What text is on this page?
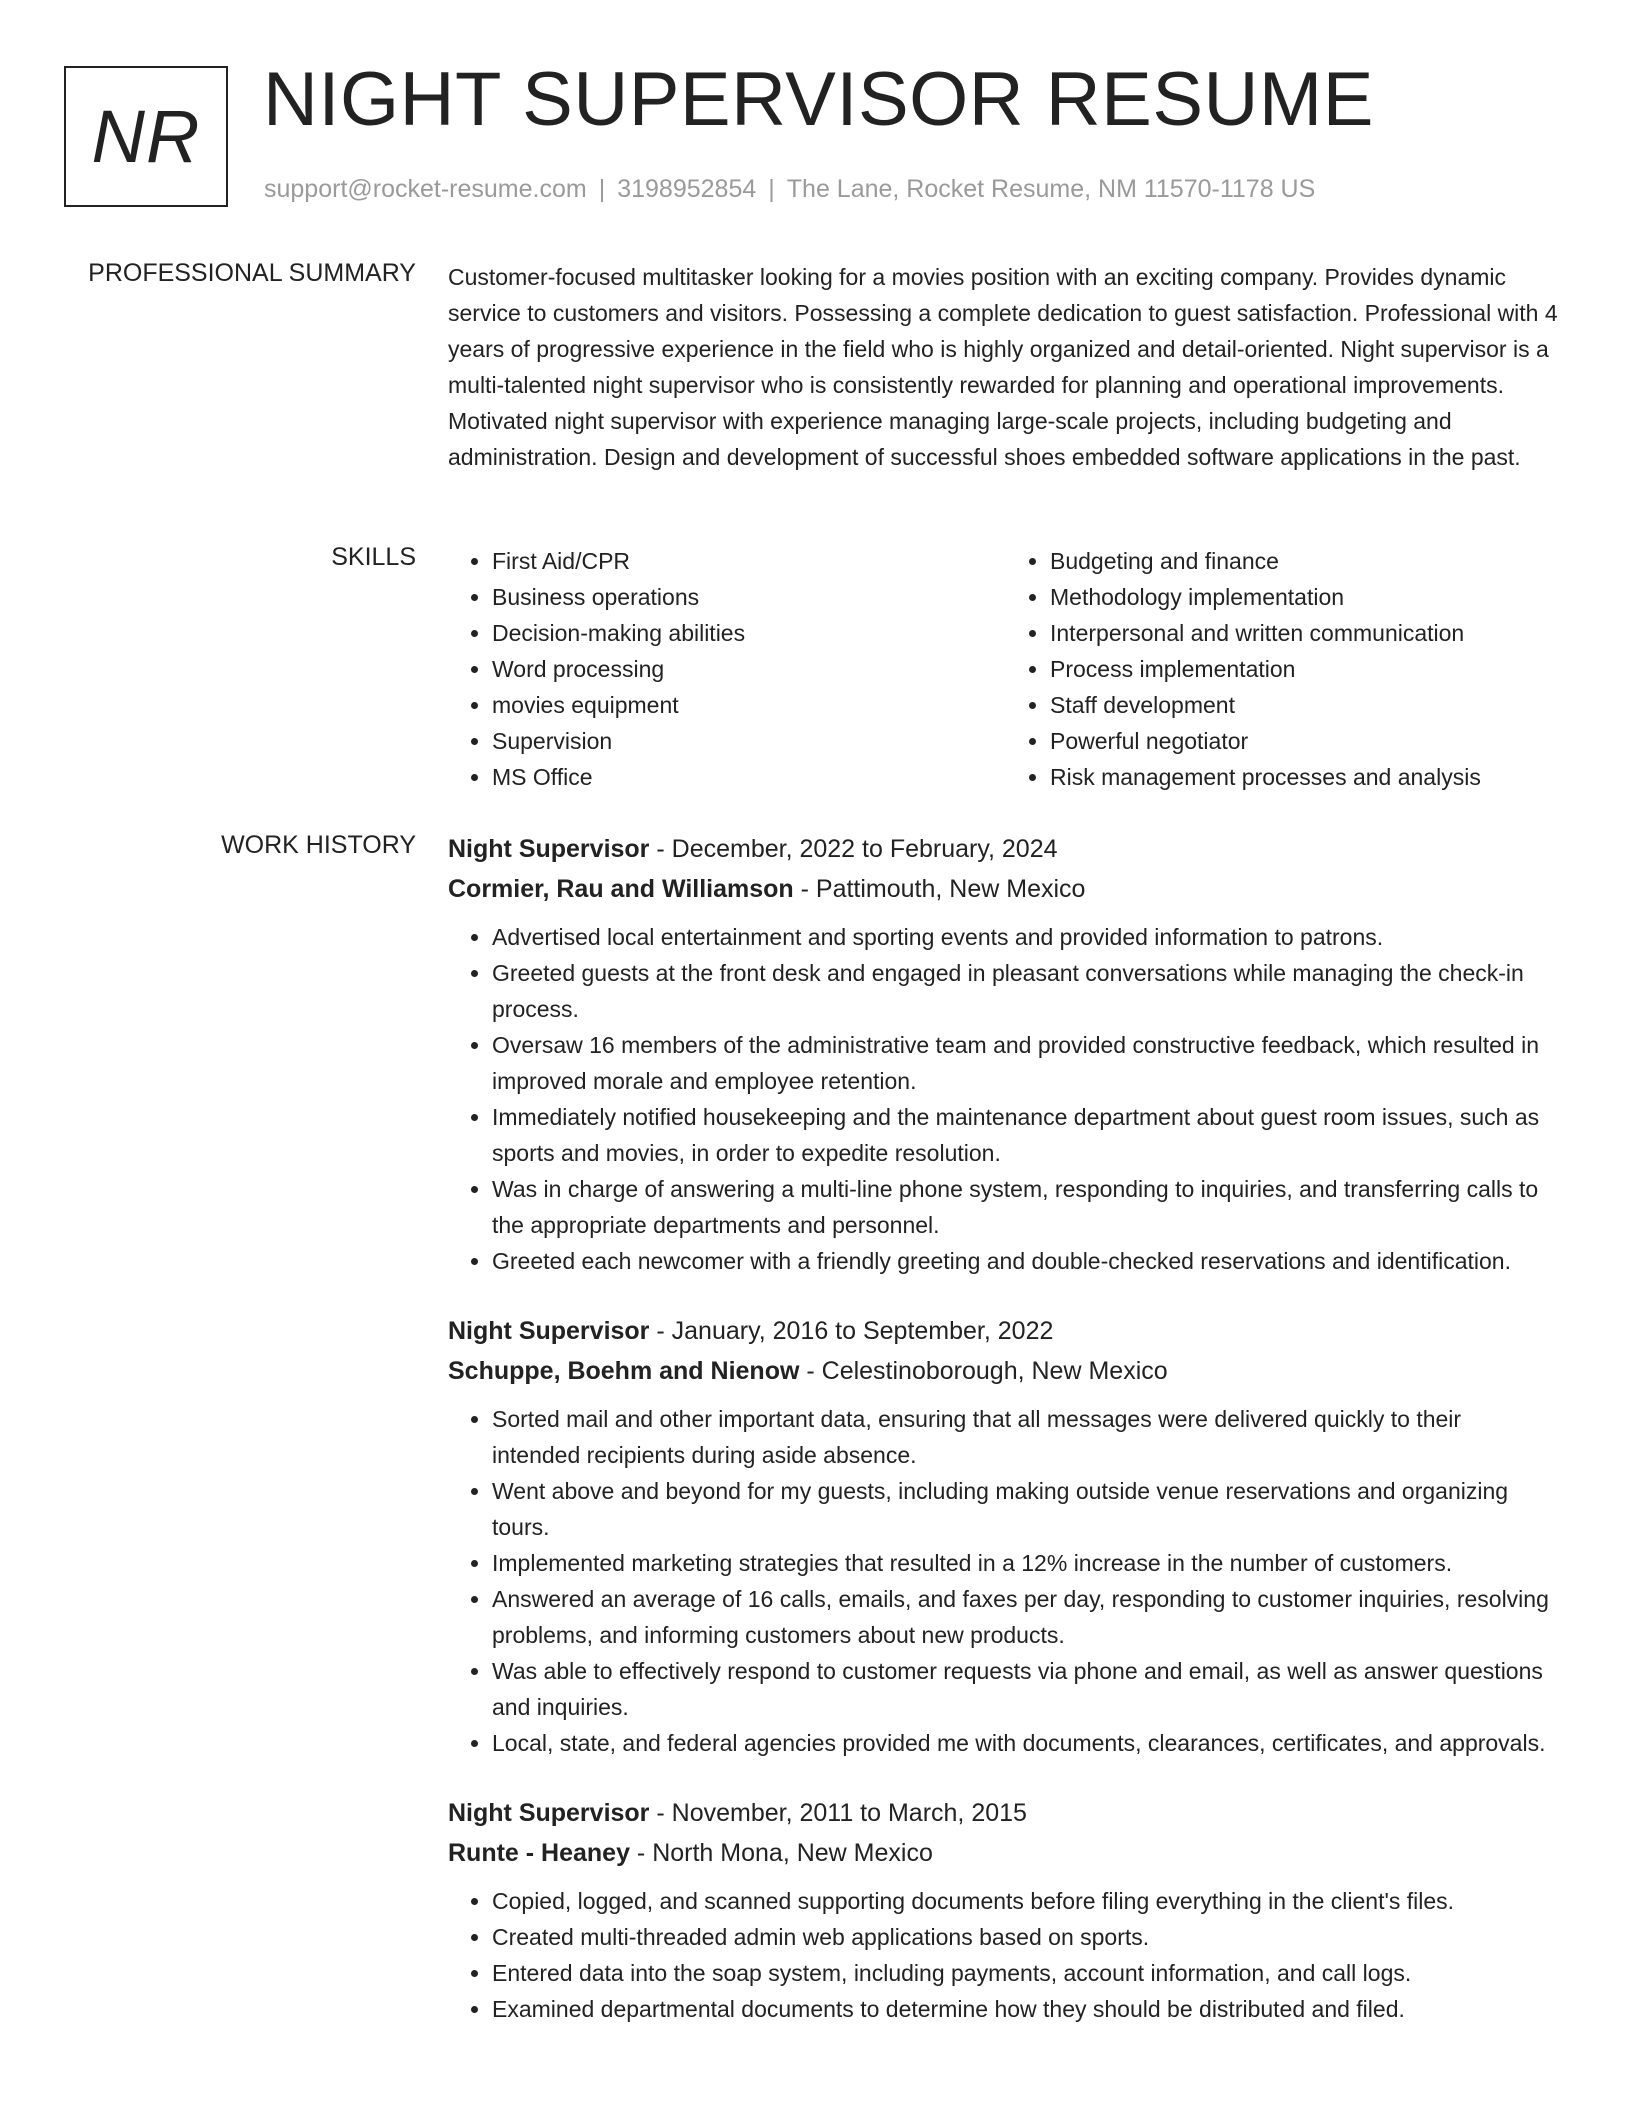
NR NIGHT SUPERVISOR RESUME
support@rocket-resume.com | 3198952854 | The Lane, Rocket Resume, NM 11570-1178 US
PROFESSIONAL SUMMARY Customer-focused multitasker looking for a movies position with an exciting company. Provides dynamic service to customers and visitors. Possessing a complete dedication to guest satisfaction. Professional with 4 years of progressive experience in the field who is highly organized and detail-oriented. Night supervisor is a multi-talented night supervisor who is consistently rewarded for planning and operational improvements. Motivated night supervisor with experience managing large-scale projects, including budgeting and administration. Design and development of successful shoes embedded software applications in the past.

SKILLS
•	First Aid/CPR
• Business operations
• Decision-making abilities
• Word processing
• movies equipment
• Supervision
• MS Office
• Budgeting and finance
• Methodology implementation
• Interpersonal and written communication
• Process implementation
• Staff development
• Powerful negotiator
• Risk management processes and analysis
WORK HISTORY Night Supervisor - December, 2022 to February, 2024
Cormier, Rau and Williamson - Pattimouth, New Mexico
• Advertised local entertainment and sporting events and provided information to patrons.
• Greeted guests at the front desk and engaged in pleasant conversations while managing the check-in process.
• Oversaw 16 members of the administrative team and provided constructive feedback, which resulted in improved morale and employee retention.
• Immediately notified housekeeping and the maintenance department about guest room issues, such as sports and movies, in order to expedite resolution.
• Was in charge of answering a multi-line phone system, responding to inquiries, and transferring calls to the appropriate departments and personnel.
• Greeted each newcomer with a friendly greeting and double-checked reservations and identification.
Night Supervisor - January, 2016 to September, 2022
Schuppe, Boehm and Nienow - Celestinoborough, New Mexico
• Sorted mail and other important data, ensuring that all messages were delivered quickly to their intended recipients during aside absence.
• Went above and beyond for my guests, including making outside venue reservations and organizing tours.
• Implemented marketing strategies that resulted in a 12% increase in the number of customers.
• Answered an average of 16 calls, emails, and faxes per day, responding to customer inquiries, resolving problems, and informing customers about new products.
• Was able to effectively respond to customer requests via phone and email, as well as answer questions and inquiries.
• Local, state, and federal agencies provided me with documents, clearances, certificates, and approvals.
Night Supervisor - November, 2011 to March, 2015
Runte - Heaney - North Mona, New Mexico
• Copied, logged, and scanned supporting documents before filing everything in the client's files.
• Created multi-threaded admin web applications based on sports.
• Entered data into the soap system, including payments, account information, and call logs.
• Examined departmental documents to determine how they should be distributed and filed.
